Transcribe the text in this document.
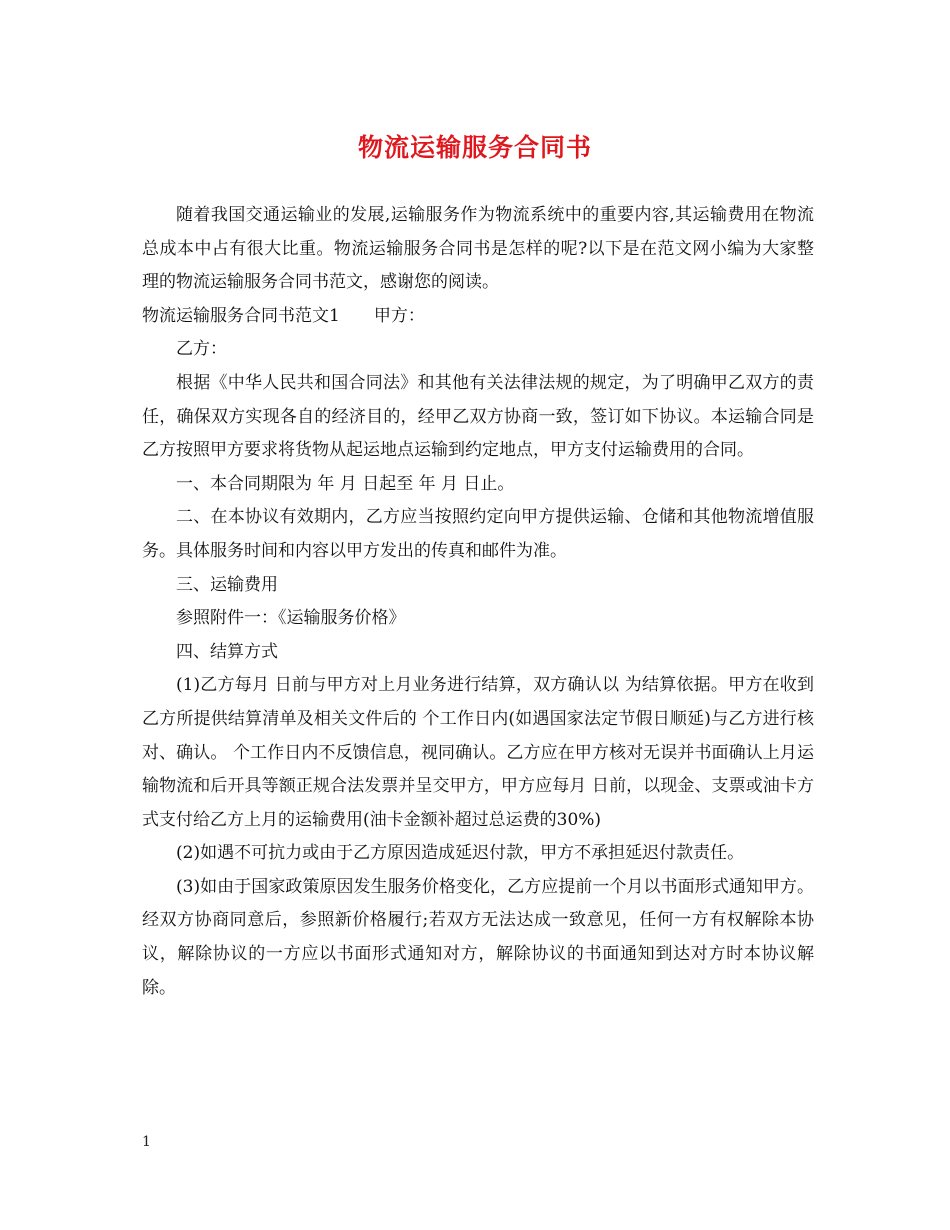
物流运输服务合同书

随着我国交通运输业的发展,运输服务作为物流系统中的重要内容,其运输费用在物流总成本中占有很大比重。物流运输服务合同书是怎样的呢?以下是在范文网小编为大家整理的物流运输服务合同书范文，感谢您的阅读。

物流运输服务合同书范文1　　甲方：

乙方：

根据《中华人民共和国合同法》和其他有关法律法规的规定，为了明确甲乙双方的责任，确保双方实现各自的经济目的，经甲乙双方协商一致，签订如下协议。本运输合同是乙方按照甲方要求将货物从起运地点运输到约定地点，甲方支付运输费用的合同。

一、本合同期限为 年 月 日起至 年 月 日止。

二、在本协议有效期内，乙方应当按照约定向甲方提供运输、仓储和其他物流增值服务。具体服务时间和内容以甲方发出的传真和邮件为准。

三、运输费用

参照附件一：《运输服务价格》

四、结算方式

(1)乙方每月 日前与甲方对上月业务进行结算，双方确认以 为结算依据。甲方在收到乙方所提供结算清单及相关文件后的 个工作日内(如遇国家法定节假日顺延)与乙方进行核对、确认。 个工作日内不反馈信息，视同确认。乙方应在甲方核对无误并书面确认上月运输物流和后开具等额正规合法发票并呈交甲方，甲方应每月 日前，以现金、支票或油卡方式支付给乙方上月的运输费用(油卡金额补超过总运费的30%)

(2)如遇不可抗力或由于乙方原因造成延迟付款，甲方不承担延迟付款责任。

(3)如由于国家政策原因发生服务价格变化，乙方应提前一个月以书面形式通知甲方。经双方协商同意后，参照新价格履行;若双方无法达成一致意见，任何一方有权解除本协议，解除协议的一方应以书面形式通知对方，解除协议的书面通知到达对方时本协议解除。

1
